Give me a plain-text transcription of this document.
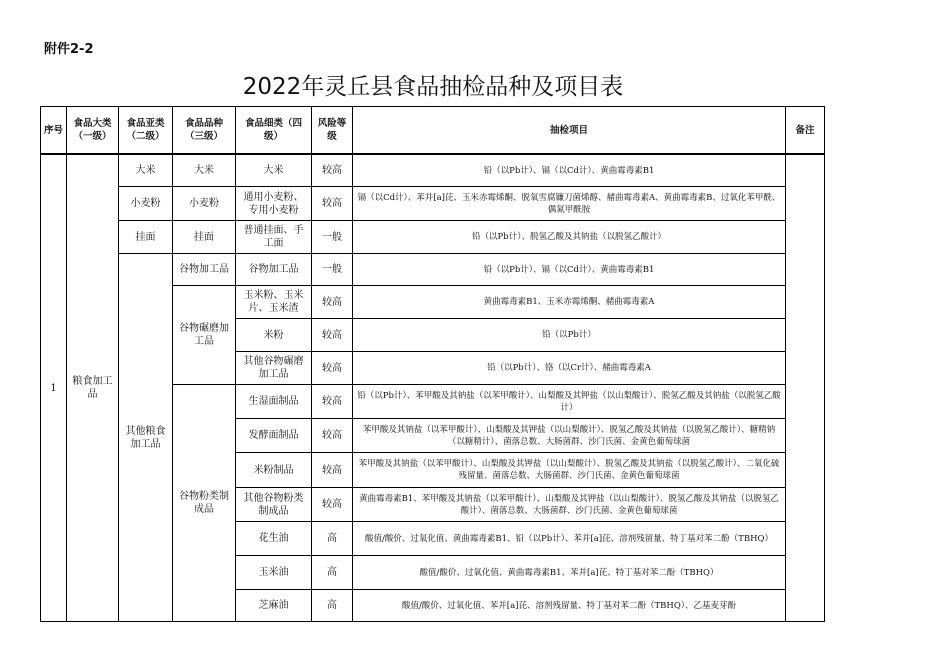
附件2-2
2022年灵丘县食品抽检品种及项目表
序号	食品大类（一级）	食品亚类（二级）	食品品种（三级）	食品细类（四级）	风险等级	抽检项目	备注

1	粮食加工品	大米	大米	大米	较高	铅（以Pb计）、镉（以Cd计）、黄曲霉毒素B1	
		小麦粉	小麦粉	通用小麦粉、专用小麦粉	较高	镉（以Cd计）、苯并[a]芘、玉米赤霉烯酮、脱氧雪腐镰刀菌烯醇、赭曲霉毒素A、黄曲霉毒素B、过氧化苯甲酰、偶氮甲酰胺	
		挂面	挂面	普通挂面、手工面	一般	铅（以Pb计）、脱氢乙酸及其钠盐（以脱氢乙酸计）	
		其他粮食加工品	谷物加工品	谷物加工品	一般	铅（以Pb计）、镉（以Cd计）、黄曲霉毒素B1	
			谷物碾磨加工品	玉米粉、玉米片、玉米渣	较高	黄曲霉毒素B1、玉米赤霉烯酮、赭曲霉毒素A	
				米粉	较高	铅（以Pb计）	
				其他谷物碾磨加工品	较高	铅（以Pb计）、铬（以Cr计）、赭曲霉毒素A	
			谷物粉类制成品	生湿面制品	较高	铅（以Pb计）、苯甲酸及其钠盐（以苯甲酸计）、山梨酸及其钾盐（以山梨酸计）、脱氢乙酸及其钠盐（以脱氢乙酸计）	
				发酵面制品	较高	苯甲酸及其钠盐（以苯甲酸计）、山梨酸及其钾盐（以山梨酸计）、脱氢乙酸及其钠盐（以脱氢乙酸计）、糖精钠（以糖精计）、菌落总数、大肠菌群、沙门氏菌、金黄色葡萄球菌	
				米粉制品	较高	苯甲酸及其钠盐（以苯甲酸计）、山梨酸及其钾盐（以山梨酸计）、脱氢乙酸及其钠盐（以脱氢乙酸计）、二氧化硫残留量、菌落总数、大肠菌群、沙门氏菌、金黄色葡萄球菌	
				其他谷物粉类制成品	较高	黄曲霉毒素B1、苯甲酸及其钠盐（以苯甲酸计）、山梨酸及其钾盐（以山梨酸计）、脱氢乙酸及其钠盐（以脱氢乙酸计）、菌落总数、大肠菌群、沙门氏菌、金黄色葡萄球菌	
				花生油	高	酸值/酸价、过氧化值、黄曲霉毒素B1、铅（以Pb计）、苯并[a]芘、溶剂残留量、特丁基对苯二酚（TBHQ）	
				玉米油	高	酸值/酸价、过氧化值、黄曲霉毒素B1、苯并[a]芘、特丁基对苯二酚（TBHQ）	
				芝麻油	高	酸值/酸价、过氧化值、苯并[a]芘、溶剂残留量、特丁基对苯二酚（TBHQ）、乙基麦芽酚	
